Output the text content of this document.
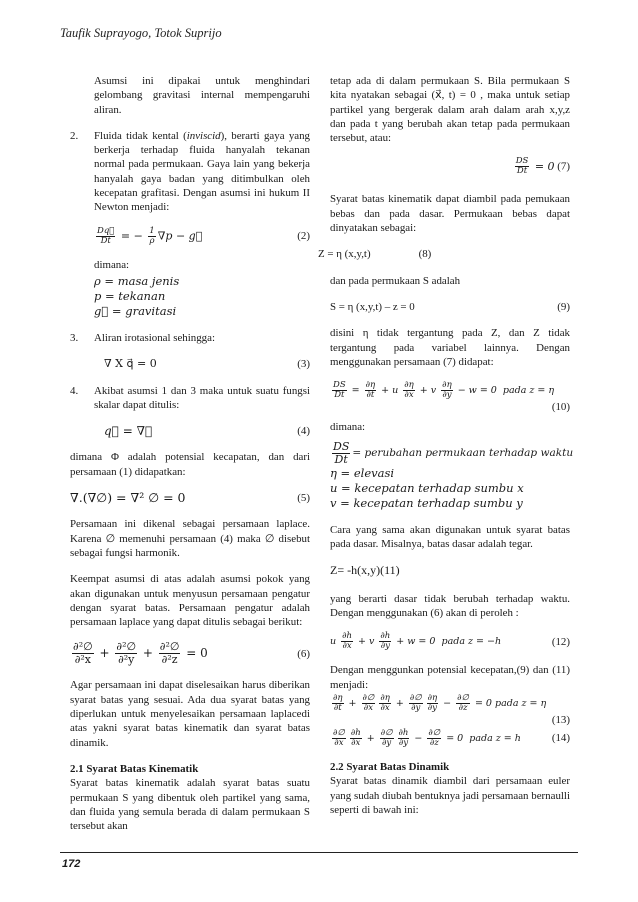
Taufik Suprayogo, Totok Suprijo

Asumsi ini dipakai untuk menghindari gelombang gravitasi internal mempengaruhi aliran.

2. Fluida tidak kental (inviscid), berarti gaya yang berkerja terhadap fluida hanyalah tekanan normal pada permukaan. Gaya lain yang bekerja hanyalah gaya badan yang ditimbulkan oleh kecepatan grafitasi. Dengan asumsi ini hukum II Newton menjadi:
$\frac{Dq⃗}{Dt}$ = − $\frac{1}{\rho} \nabla p$ − g⃗	(2)
dimana:
ρ = masa jenis
p = tekanan
g⃗ = gravitasi
3. Aliran irotasional sehingga:
∇ X q⃗ = 0	(3)
4. Akibat asumsi 1 dan 3 maka untuk suatu fungsi skalar dapat ditulis:
q⃗ = ∇∅	(4)

dimana Φ adalah potensial kecapatan, dan dari persamaan (1) didapatkan:

∇.(∇∅) = ∇² ∅ = 0	(5)

Persamaan ini dikenal sebagai persamaan laplace. Karena ∅ memenuhi persamaan (4) maka ∅ disebut sebagai fungsi harmonik.

Keempat asumsi di atas adalah asumsi pokok yang akan digunakan untuk menyusun persamaan pengatur dengan syarat batas. Persamaan pengatur adalah persamaan laplace yang dapat ditulis sebagai berikut:

$\frac{\text{∂²∅}}{\text{∂²x}} + \frac{\text{∂²∅}}{\text{∂²y}} + \frac{\text{∂²∅}}{\text{∂²z}} = 0$	(6)

Agar persamaan ini dapat diselesaikan harus diberikan syarat batas yang sesuai. Ada dua syarat batas yang diperlukan untuk menyelesaikan persamaan laplacedi atas yakni syarat batas kinematik dan syarat batas dinamik.

2.1 Syarat Batas Kinematik

Syarat batas kinematik adalah syarat batas suatu permukaan S yang dibentuk oleh partikel yang sama, dan fluida yang semula berada di dalam permukaan S tersebut akan

tetap ada di dalam permukaan S. Bila permukaan S kita nyatakan sebagai (x⃗, t) = 0 , maka untuk setiap partikel yang bergerak dalam arah dalam arah x,y,z dan pada t yang berubah akan tetap pada permukaan tersebut, atau:

$\frac{DS}{Dt} = 0$ (7)

Syarat batas kinematik dapat diambil pada pemukaan bebas dan pada dasar. Permukaan bebas dapat dinyatakan sebagai:

Z = η (x,y,t)	(8)

dan pada permukaan S adalah

S = η (x,y,t) – z = 0	(9)

disini η tidak tergantung pada Z, dan Z tidak tergantung pada variabel lainnya. Dengan menggunakan persamaan (7) didapat:

$\frac{DS}{Dt} = \frac{\partial\eta}{\partial t} + u \frac{\partial\eta}{\partial x} + v \frac{\partial\eta}{\partial y} - w = 0$  pada z = η
(10)
dimana:
$\frac{DS}{Dt}$ = perubahan permukaan terhadap waktu
η = elevasi
u = kecepatan terhadap sumbu x
v = kecepatan terhadap sumbu y

Cara yang sama akan digunakan untuk syarat batas pada dasar. Misalnya, batas dasar adalah tegar.

Z= -h(x,y)(11)

yang berarti dasar tidak berubah terhadap waktu. Dengan menggunakan (6) akan di peroleh :

u $\frac{\partial h}{\partial x} + v \frac{\partial h}{\partial y} + w = 0$  pada z = −h	(12)

Dengan menggunkan potensial kecepatan,(9) dan (11) menjadi:

$\frac{\partial\eta}{\partial t} + \frac{\partial\emptyset}{\partial x} \frac{\partial\eta}{\partial x} + \frac{\partial\emptyset}{\partial y} \frac{\partial\eta}{\partial y} - \frac{\partial\emptyset}{\partial z} = 0$ pada z = η
(13)
$\frac{\partial\emptyset}{\partial x} \frac{\partial h}{\partial x} + \frac{\partial\emptyset}{\partial y} \frac{\partial h}{\partial y} - \frac{\partial\emptyset}{\partial z} = 0$  pada z = h	(14)
2.2 Syarat Batas Dinamik

Syarat batas dinamik diambil dari persamaan euler yang sudah diubah bentuknya jadi persamaan bernaulli seperti di bawah ini:

172
